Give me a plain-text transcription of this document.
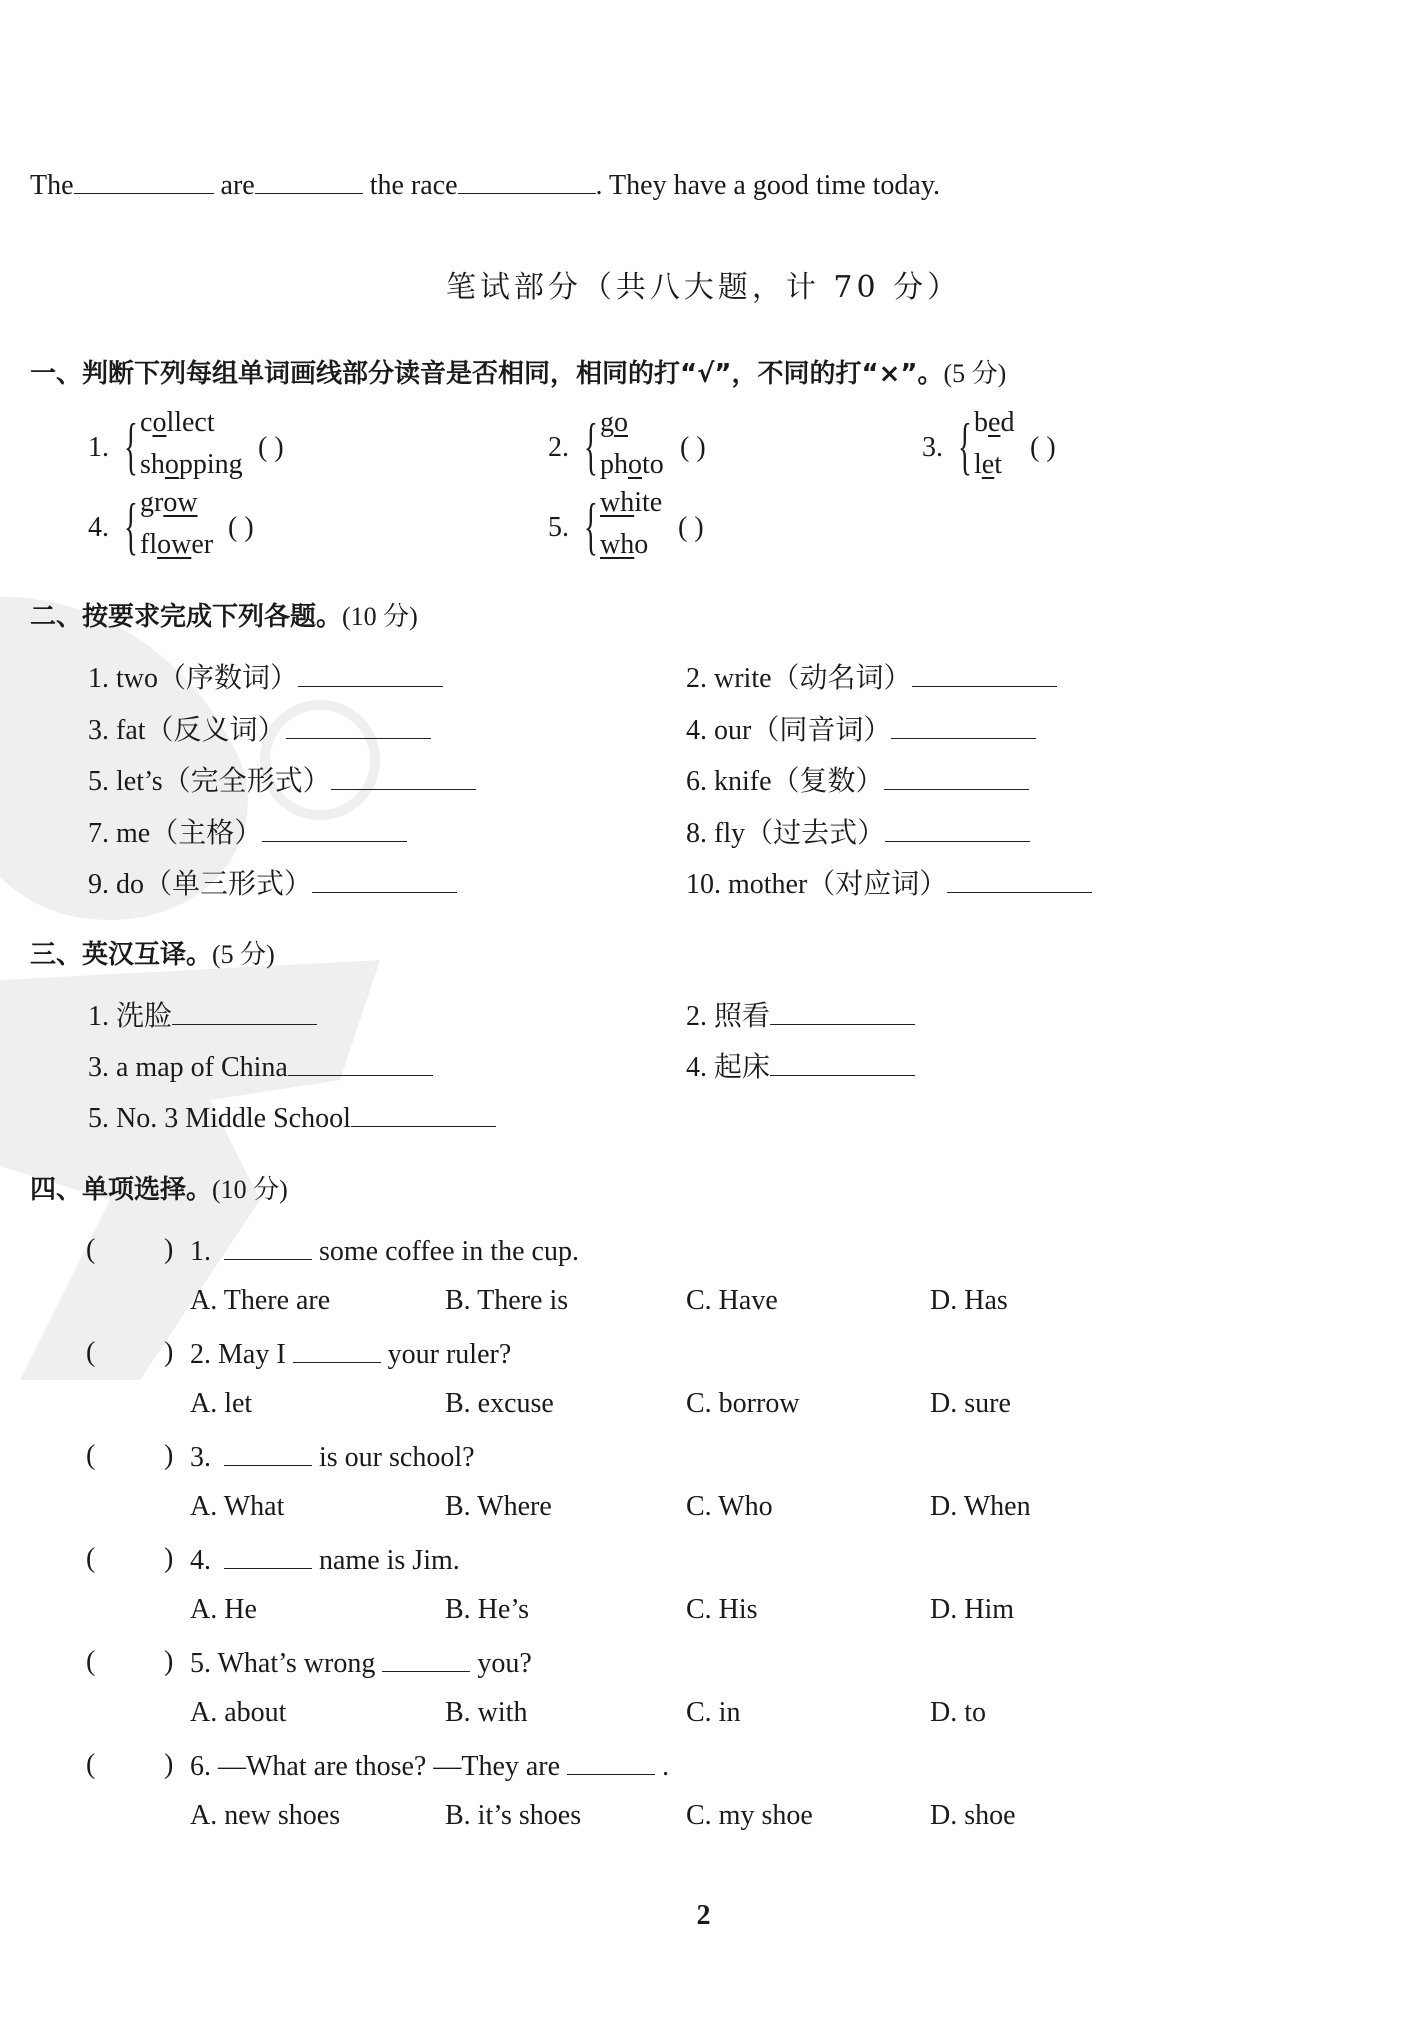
The	are	the race	. They have a good time today.
笔试部分（共八大题，计 70 分）
一、判断下列每组单词画线部分读音是否相同，相同的打“√”，不同的打“×”。(5 分)
1. { collect
shopping
( )	2. { go
photo
( )	3. { bed
let
( )
4. { grow
flower
( )	5. { white
who
( )
二、按要求完成下列各题。(10 分)
1. two（序数词）	2. write（动名词）
3. fat（反义词）	4. our（同音词）
5. let’s（完全形式）	6. knife（复数）
7. me（主格）	8. fly（过去式）
9. do（单三形式）	10. mother（对应词）
三、英汉互译。(5 分)
1. 洗脸	2. 照看
3. a map of China	4. 起床
5. No. 3 Middle School
四、单项选择。(10 分)
( ) 1.	some coffee in the cup.
A. There are	B. There is	C. Have	D. Has
( ) 2. May I	your ruler?
A. let	B. excuse	C. borrow	D. sure
( ) 3.	is our school?
A. What	B. Where	C. Who	D. When
( ) 4.	name is Jim.
A. He	B. He’s	C. His	D. Him
( ) 5. What’s wrong	you?
A. about	B. with	C. in	D. to
( ) 6. —What are those? —They are	.
A. new shoes	B. it’s shoes	C. my shoe	D. shoe
2
